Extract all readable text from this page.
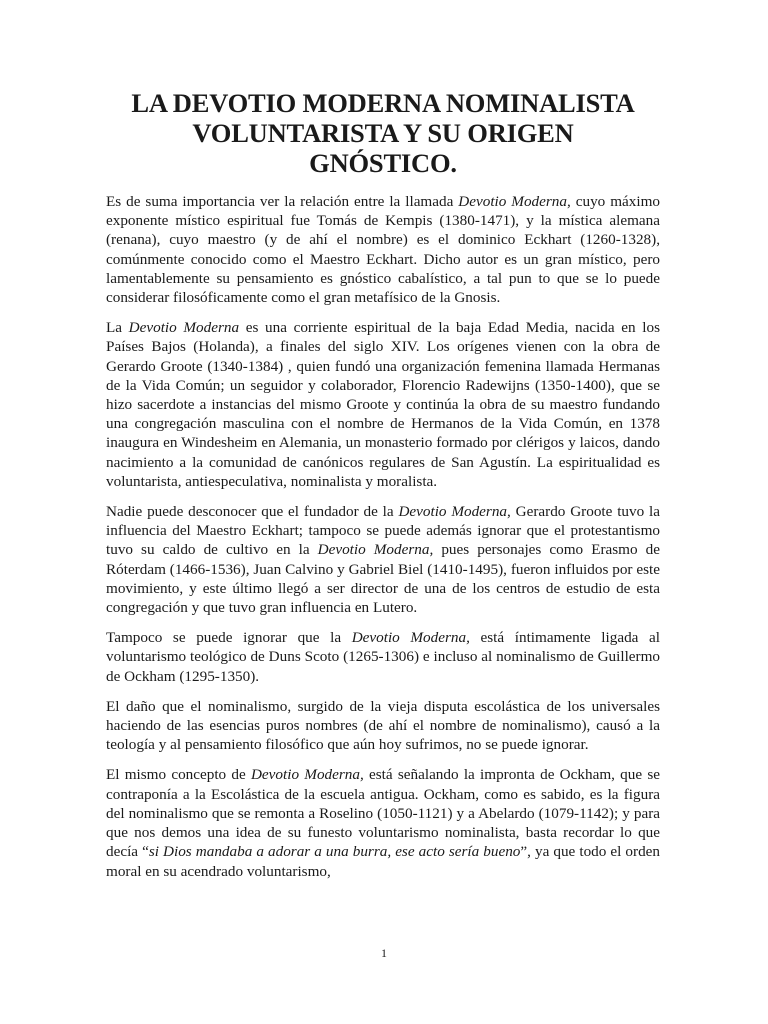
LA DEVOTIO MODERNA NOMINALISTA
VOLUNTARISTA Y SU ORIGEN
GNÓSTICO.

Es de suma importancia ver la relación entre la llamada Devotio Moderna, cuyo máximo exponente místico espiritual fue Tomás de Kempis (1380-1471), y la mística alemana (renana), cuyo maestro (y de ahí el nombre) es el dominico Eckhart (1260-1328), comúnmente conocido como el Maestro Eckhart. Dicho autor es un gran místico, pero lamentablemente su pensamiento es gnóstico cabalístico, a tal pun to que se lo puede considerar filosóficamente como el gran metafísico de la Gnosis.

La Devotio Moderna es una corriente espiritual de la baja Edad Media, nacida en los Países Bajos (Holanda), a finales del siglo XIV. Los orígenes vienen con la obra de Gerardo Groote (1340-1384) , quien fundó una organización femenina llamada Hermanas de la Vida Común; un seguidor y colaborador, Florencio Radewijns (1350-1400), que se hizo sacerdote a instancias del mismo Groote y continúa la obra de su maestro fundando una congregación masculina con el nombre de Hermanos de la Vida Común, en 1378 inaugura en Windesheim en Alemania, un monasterio formado por clérigos y laicos, dando nacimiento a la comunidad de canónicos regulares de San Agustín. La espiritualidad es voluntarista, antiespeculativa, nominalista y moralista.

Nadie puede desconocer que el fundador de la Devotio Moderna, Gerardo Groote tuvo la influencia del Maestro Eckhart; tampoco se puede además ignorar que el protestantismo tuvo su caldo de cultivo en la Devotio Moderna, pues personajes como Erasmo de Róterdam (1466-1536), Juan Calvino y Gabriel Biel (1410-1495), fueron influidos por este movimiento, y este último llegó a ser director de una de los centros de estudio de esta congregación y que tuvo gran influencia en Lutero.

Tampoco se puede ignorar que la Devotio Moderna, está íntimamente ligada al voluntarismo teológico de Duns Scoto (1265-1306) e incluso al nominalismo de Guillermo de Ockham (1295-1350).

El daño que el nominalismo, surgido de la vieja disputa escolástica de los universales haciendo de las esencias puros nombres (de ahí el nombre de nominalismo), causó a la teología y al pensamiento filosófico que aún hoy sufrimos, no se puede ignorar.

El mismo concepto de Devotio Moderna, está señalando la impronta de Ockham, que se contraponía a la Escolástica de la escuela antigua. Ockham, como es sabido, es la figura del nominalismo que se remonta a Roselino (1050-1121) y a Abelardo (1079-1142); y para que nos demos una idea de su funesto voluntarismo nominalista, basta recordar lo que decía “si Dios mandaba a adorar a una burra, ese acto sería bueno”, ya que todo el orden moral en su acendrado voluntarismo,

1
